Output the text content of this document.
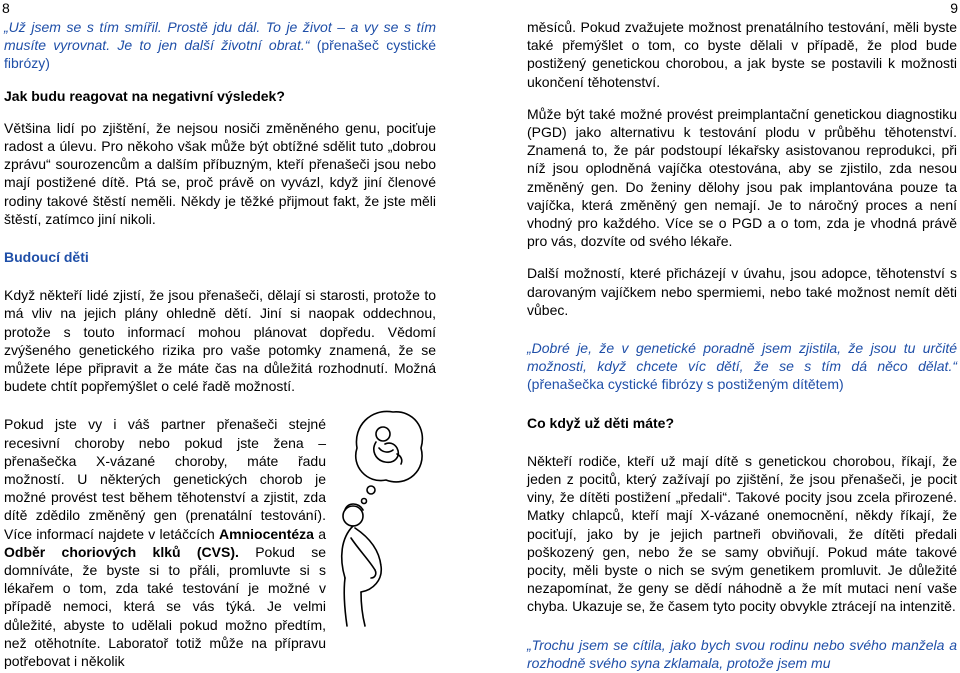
8	9

„Už jsem se s tím smířil. Prostě jdu dál. To je život – a vy se s tím musíte vyrovnat. Je to jen další životní obrat.“ (přenašeč cystické fibrózy)

Jak budu reagovat na negativní výsledek?

Většina lidí po zjištění, že nejsou nosiči změněného genu, pociťuje radost a úlevu. Pro někoho však může být obtížné sdělit tuto „dobrou zprávu“ sourozencům a dalším příbuzným, kteří přenašeči jsou nebo mají postižené dítě. Ptá se, proč právě on vyvázl, když jiní členové rodiny takové štěstí neměli. Někdy je těžké přijmout fakt, že jste měli štěstí, zatímco jiní nikoli.

Budoucí děti

Když někteří lidé zjistí, že jsou přenašeči, dělají si starosti, protože to má vliv na jejich plány ohledně dětí. Jiní si naopak oddechnou, protože s touto informací mohou plánovat dopředu. Vědomí zvýšeného genetického rizika pro vaše potomky znamená, že se můžete lépe připravit a že máte čas na důležitá rozhodnutí. Možná budete chtít popřemýšlet o celé řadě možností.

Pokud jste vy i váš partner přenašeči stejné recesivní choroby nebo pokud jste žena – přenašečka X-vázané choroby, máte řadu možností. U některých genetických chorob je možné provést test během těhotenství a zjistit, zda dítě zdědilo změněný gen (prenatální testování). Více informací najdete v letáčcích Amniocentéza a Odběr choriových klků (CVS). Pokud se domníváte, že byste si to přáli, promluvte si s lékařem o tom, zda také testování je možné v případě nemoci, která se vás týká. Je velmi důležité, abyste to udělali pokud možno předtím, než otěhotníte. Laboratoř totiž může na přípravu potřebovat i několik

měsíců. Pokud zvažujete možnost prenatálního testování, měli byste také přemýšlet o tom, co byste dělali v případě, že plod bude postižený genetickou chorobou, a jak byste se postavili k možnosti ukončení těhotenství.

Může být také možné provést preimplantační genetickou diagnostiku (PGD) jako alternativu k testování plodu v průběhu těhotenství. Znamená to, že pár podstoupí lékařsky asistovanou reprodukci, při níž jsou oplodněná vajíčka otestována, aby se zjistilo, zda nesou změněný gen. Do ženiny dělohy jsou pak implantována pouze ta vajíčka, která změněný gen nemají. Je to náročný proces a není vhodný pro každého. Více se o PGD a o tom, zda je vhodná právě pro vás, dozvíte od svého lékaře.

Další možností, které přicházejí v úvahu, jsou adopce, těhotenství s darovaným vajíčkem nebo spermiemi, nebo také možnost nemít děti vůbec.

„Dobré je, že v genetické poradně jsem zjistila, že jsou tu určité možnosti, když chcete víc dětí, že se s tím dá něco dělat.“ (přenašečka cystické fibrózy s postiženým dítětem)

Co když už děti máte?

Někteří rodiče, kteří už mají dítě s genetickou chorobou, říkají, že jeden z pocitů, který zažívají po zjištění, že jsou přenašeči, je pocit viny, že dítěti postižení „předali“. Takové pocity jsou zcela přirozené. Matky chlapců, kteří mají X-vázané onemocnění, někdy říkají, že pociťují, jako by je jejich partneři obviňovali, že dítěti předali poškozený gen, nebo že se samy obviňují. Pokud máte takové pocity, měli byste o nich se svým genetikem promluvit. Je důležité nezapomínat, že geny se dědí náhodně a že mít mutaci není vaše chyba. Ukazuje se, že časem tyto pocity obvykle ztrácejí na intenzitě.

„Trochu jsem se cítila, jako bych svou rodinu nebo svého manžela a rozhodně svého syna zklamala, protože jsem mu
